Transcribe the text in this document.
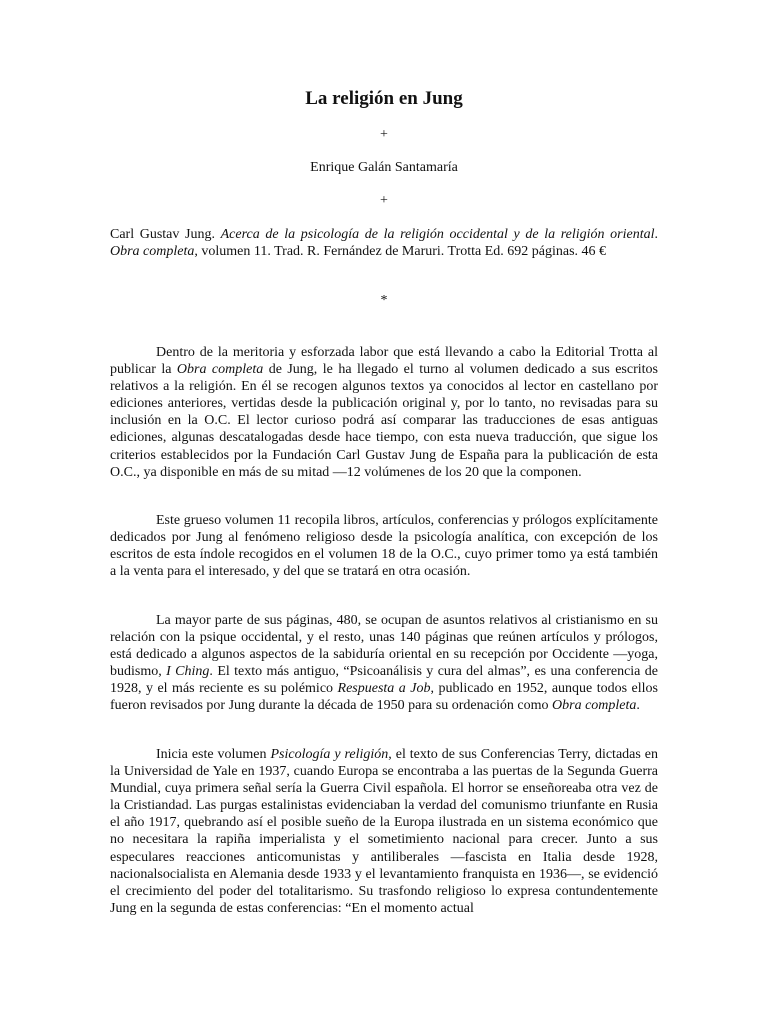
La religión en Jung
+
Enrique Galán Santamaría
+

Carl Gustav Jung. Acerca de la psicología de la religión occidental y de la religión oriental. Obra completa, volumen 11. Trad. R. Fernández de Maruri. Trotta Ed. 692 páginas. 46 €

*

Dentro de la meritoria y esforzada labor que está llevando a cabo la Editorial Trotta al publicar la Obra completa de Jung, le ha llegado el turno al volumen dedicado a sus escritos relativos a la religión. En él se recogen algunos textos ya conocidos al lector en castellano por ediciones anteriores, vertidas desde la publicación original y, por lo tanto, no revisadas para su inclusión en la O.C. El lector curioso podrá así comparar las traducciones de esas antiguas ediciones, algunas descatalogadas desde hace tiempo, con esta nueva traducción, que sigue los criterios establecidos por la Fundación Carl Gustav Jung de España para la publicación de esta O.C., ya disponible en más de su mitad —12 volúmenes de los 20 que la componen.

Este grueso volumen 11 recopila libros, artículos, conferencias y prólogos explícitamente dedicados por Jung al fenómeno religioso desde la psicología analítica, con excepción de los escritos de esta índole recogidos en el volumen 18 de la O.C., cuyo primer tomo ya está también a la venta para el interesado, y del que se tratará en otra ocasión.

La mayor parte de sus páginas, 480, se ocupan de asuntos relativos al cristianismo en su relación con la psique occidental, y el resto, unas 140 páginas que reúnen artículos y prólogos, está dedicado a algunos aspectos de la sabiduría oriental en su recepción por Occidente —yoga, budismo, I Ching. El texto más antiguo, “Psicoanálisis y cura del almas”, es una conferencia de 1928, y el más reciente es su polémico Respuesta a Job, publicado en 1952, aunque todos ellos fueron revisados por Jung durante la década de 1950 para su ordenación como Obra completa.

Inicia este volumen Psicología y religión, el texto de sus Conferencias Terry, dictadas en la Universidad de Yale en 1937, cuando Europa se encontraba a las puertas de la Segunda Guerra Mundial, cuya primera señal sería la Guerra Civil española. El horror se enseñoreaba otra vez de la Cristiandad. Las purgas estalinistas evidenciaban la verdad del comunismo triunfante en Rusia el año 1917, quebrando así el posible sueño de la Europa ilustrada en un sistema económico que no necesitara la rapiña imperialista y el sometimiento nacional para crecer. Junto a sus especulares reacciones anticomunistas y antiliberales —fascista en Italia desde 1928, nacionalsocialista en Alemania desde 1933 y el levantamiento franquista en 1936—, se evidenció el crecimiento del poder del totalitarismo. Su trasfondo religioso lo expresa contundentemente Jung en la segunda de estas conferencias: “En el momento actual
